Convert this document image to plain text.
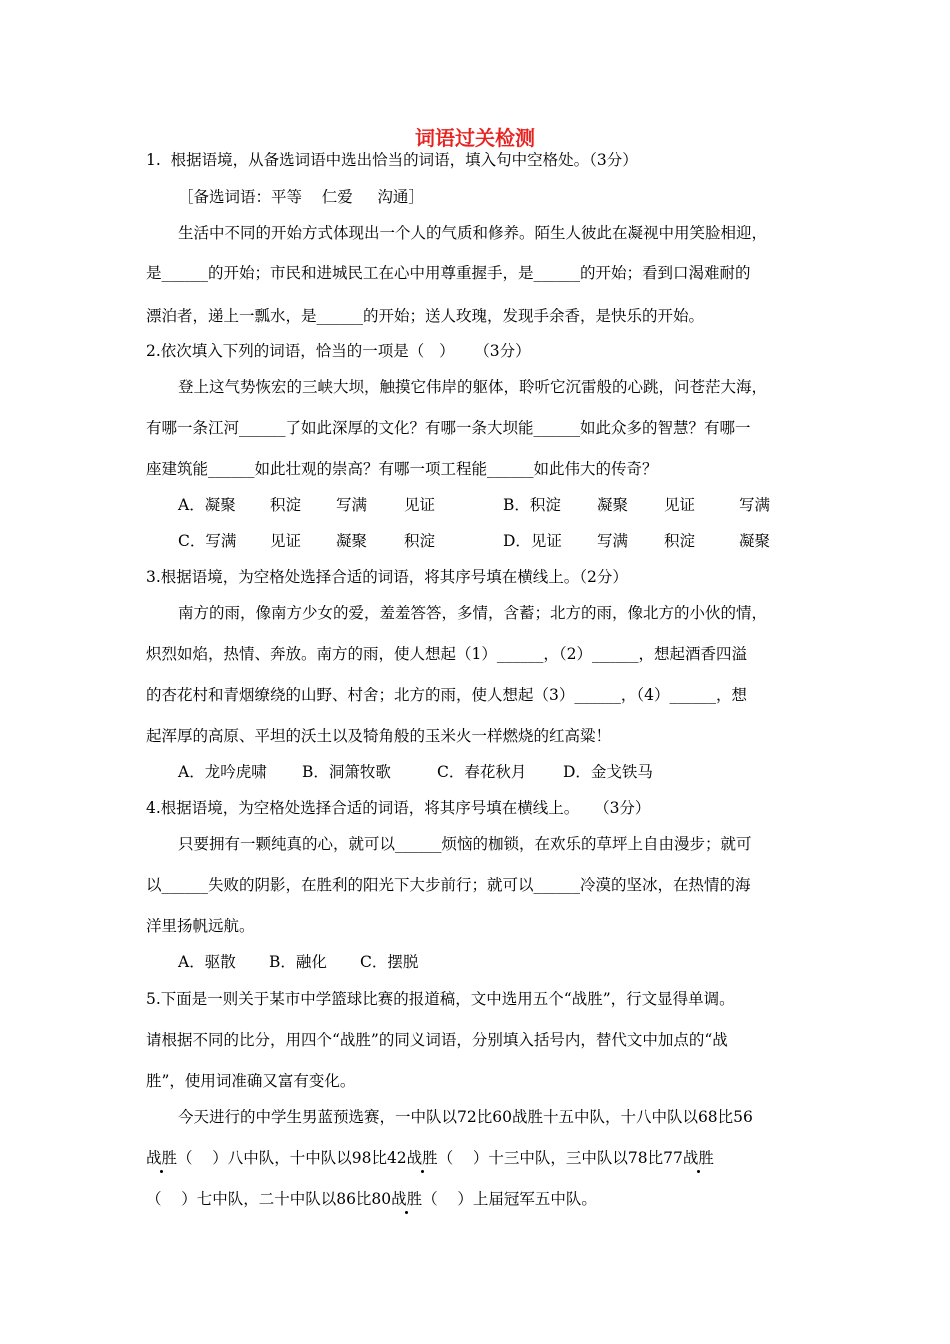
词语过关检测
1.  根据语境，从备选词语中选出恰当的词语，填入句中空格处。（3分）
［备选词语：平等    仁爱     沟通］
生活中不同的开始方式体现出一个人的气质和修养。陌生人彼此在凝视中用笑脸相迎，
是______的开始；市民和进城民工在心中用尊重握手，是______的开始；看到口渴难耐的
漂泊者，递上一瓢水，是______的开始；送人玫瑰，发现手余香，是快乐的开始。
2.依次填入下列的词语，恰当的一项是（   ）    （3分）
登上这气势恢宏的三峡大坝，触摸它伟岸的躯体，聆听它沉雷般的心跳，问苍茫大海，
有哪一条江河______了如此深厚的文化？有哪一条大坝能______如此众多的智慧？有哪一
座建筑能______如此壮观的崇高？有哪一项工程能______如此伟大的传奇？
A．凝聚 积淀 写满 见证	B．积淀 凝聚 见证	写满
C．写满 见证 凝聚 积淀	D．见证 写满 积淀	凝聚
3.根据语境，为空格处选择合适的词语，将其序号填在横线上。（2分）
南方的雨，像南方少女的爱，羞羞答答，多情，含蓄；北方的雨，像北方的小伙的情，
炽烈如焰，热情、奔放。南方的雨，使人想起（1）______，（2）______，想起酒香四溢
的杏花村和青烟缭绕的山野、村舍；北方的雨，使人想起（3）______，（4）______，想
起浑厚的高原、平坦的沃土以及犄角般的玉米火一样燃烧的红高粱！
A．龙吟虎啸 B．洞箫牧歌	C．春花秋月 D．金戈铁马
4.根据语境，为空格处选择合适的词语，将其序号填在横线上。   （3分）
只要拥有一颗纯真的心，就可以______烦恼的枷锁，在欢乐的草坪上自由漫步；就可
以______失败的阴影，在胜利的阳光下大步前行；就可以______冷漠的坚冰，在热情的海
洋里扬帆远航。
A．驱散 B．融化 C．摆脱
5.下面是一则关于某市中学篮球比赛的报道稿，文中选用五个“战胜”，行文显得单调。
请根据不同的比分，用四个“战胜”的同义词语，分别填入括号内，替代文中加点的“战
胜”，使用词准确又富有变化。
今天进行的中学生男蓝预选赛，一中队以72比60战胜十五中队，十八中队以68比56
战胜（    ）八中队，十中队以98比42战胜（    ）十三中队，三中队以78比77战胜
（    ）七中队，二十中队以86比80战胜（    ）上届冠军五中队。
